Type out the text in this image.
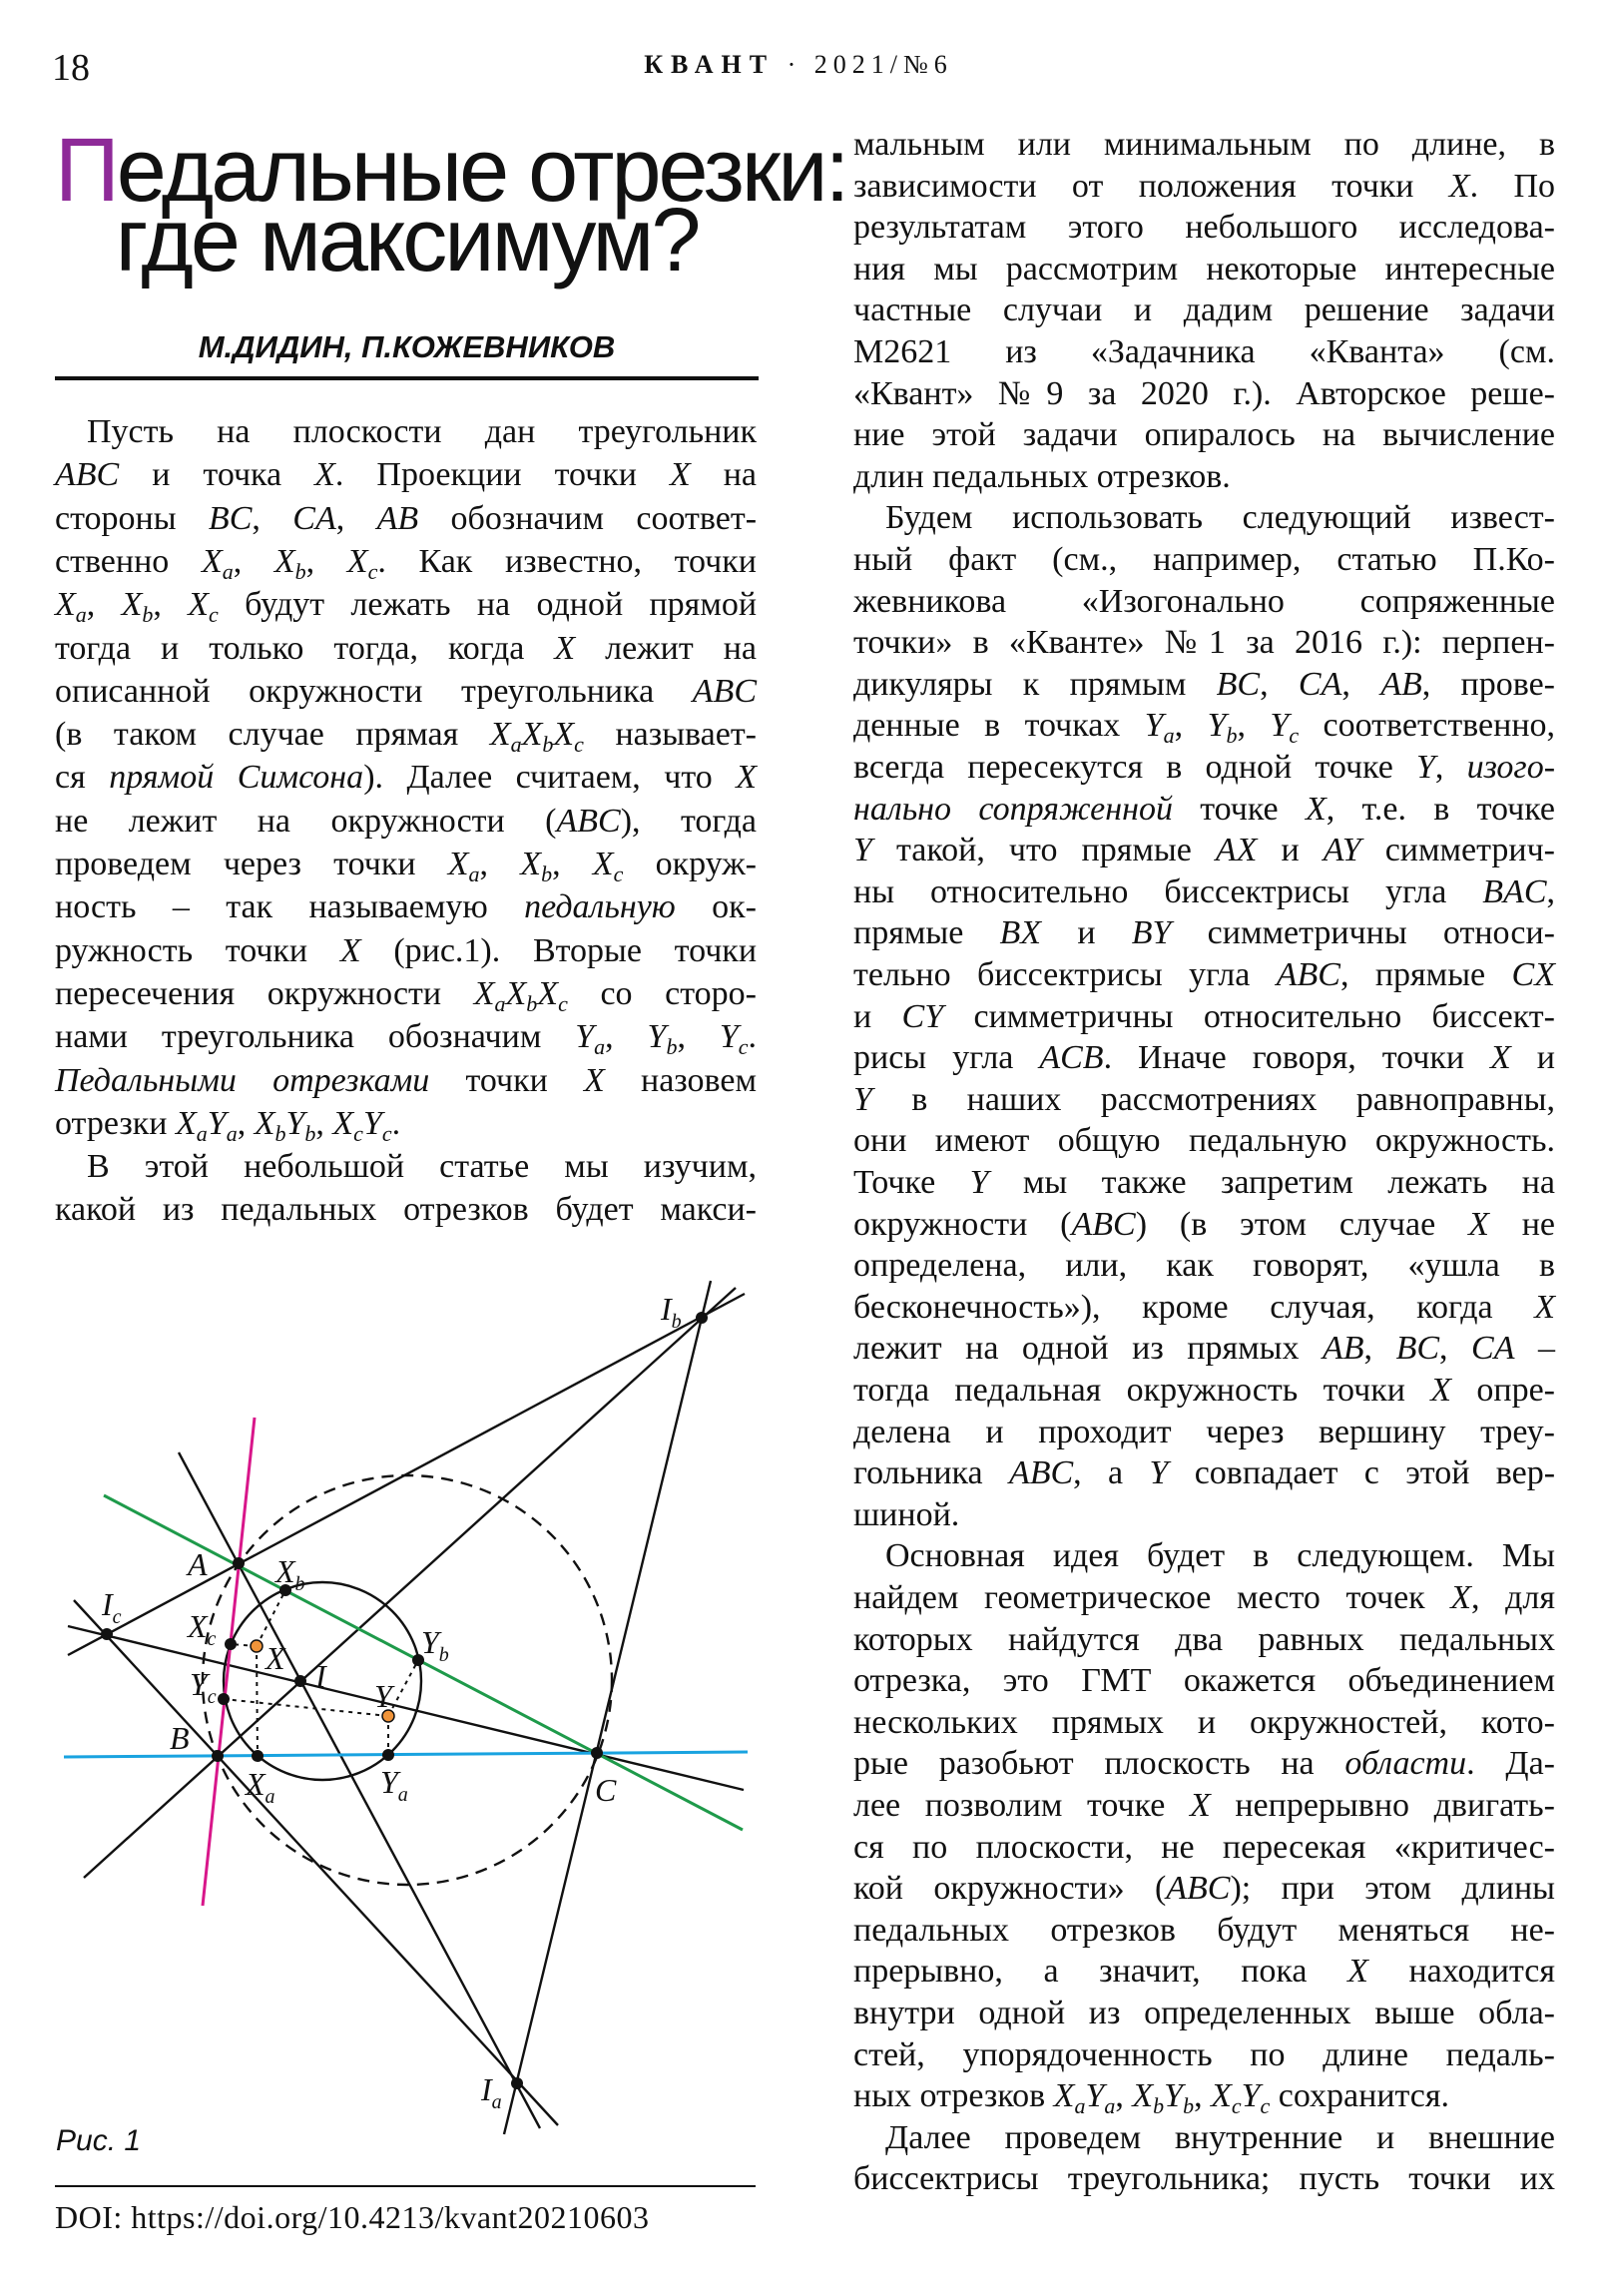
18	КВАНТ · 2021/№6
Педальные отрезки:
где максимум?
М.ДИДИН, П.КОЖЕВНИКОВ
Пусть на плоскости дан треугольник
ABC и точка X. Проекции точки X на
стороны BC, CA, AB обозначим соответ-
ственно $X_a$, $X_b$, $X_c$. Как известно, точки
$X_a$, $X_b$, $X_c$ будут лежать на одной прямой
тогда и только тогда, когда X лежит на
описанной окружности треугольника ABC
(в таком случае прямая $X_aX_bX_c$ называет-
ся прямой Симсона). Далее считаем, что X
не лежит на окружности (ABC), тогда
проведем через точки $X_a$, $X_b$, $X_c$ окруж-
ность – так называемую педальную ок-
ружность точки X (рис.1). Вторые точки
пересечения окружности $X_aX_bX_c$ со сторо-
нами треугольника обозначим $Y_a$, $Y_b$, $Y_c$.
Педальными отрезками точки X назовем
отрезки $X_aY_a$, $X_bY_b$, $X_cY_c$.
В этой небольшой статье мы изучим,
какой из педальных отрезков будет макси-
мальным или минимальным по длине, в
зависимости от положения точки X. По
результатам этого небольшого исследова-
ния мы рассмотрим некоторые интересные
частные случаи и дадим решение задачи
М2621 из «Задачника «Кванта» (см.
«Квант» №9 за 2020 г.). Авторское реше-
ние этой задачи опиралось на вычисление
длин педальных отрезков.
Будем использовать следующий извест-
ный факт (см., например, статью П.Ко-
жевникова «Изогонально сопряженные
точки» в «Кванте» №1 за 2016 г.): перпен-
дикуляры к прямым BC, CA, AB, прове-
денные в точках $Y_a$, $Y_b$, $Y_c$ соответственно,
всегда пересекутся в одной точке Y, изого-
нально сопряженной точке X, т.е. в точке
Y такой, что прямые AX и AY симметрич-
ны относительно биссектрисы угла BAC,
прямые BX и BY симметричны относи-
тельно биссектрисы угла ABC, прямые CX
и CY симметричны относительно биссект-
рисы угла ACB. Иначе говоря, точки X и
Y в наших рассмотрениях равноправны,
они имеют общую педальную окружность.
Точке Y мы также запретим лежать на
окружности (ABC) (в этом случае X не
определена, или, как говорят, «ушла в
бесконечность»), кроме случая, когда X
лежит на одной из прямых AB, BC, CA –
тогда педальная окружность точки X опре-
делена и проходит через вершину треу-
гольника ABC, а Y совпадает с этой вер-
шиной.
Основная идея будет в следующем. Мы
найдем геометрическое место точек X, для
которых найдутся два равных педальных
отрезка, это ГМТ окажется объединением
нескольких прямых и окружностей, кото-
рые разобьют плоскость на области. Да-
лее позволим точке X непрерывно двигать-
ся по плоскости, не пересекая «критичес-
кой окружности» (ABC); при этом длины
педальных отрезков будут меняться не-
прерывно, а значит, пока X находится
внутри одной из определенных выше обла-
стей, упорядоченность по длине педаль-
ных отрезков $X_aY_a$, $X_bY_b$, $X_cY_c$ сохранится.
Далее проведем внутренние и внешние
биссектрисы треугольника; пусть точки их
A
B
C
I
$I_b$
$I_c$
$I_a$
$X_b$
$X_c$
X	$Y_b$
$Y_c$	Y
$X_a$	$Y_a$
Рис. 1
DOI: https://doi.org/10.4213/kvant20210603
